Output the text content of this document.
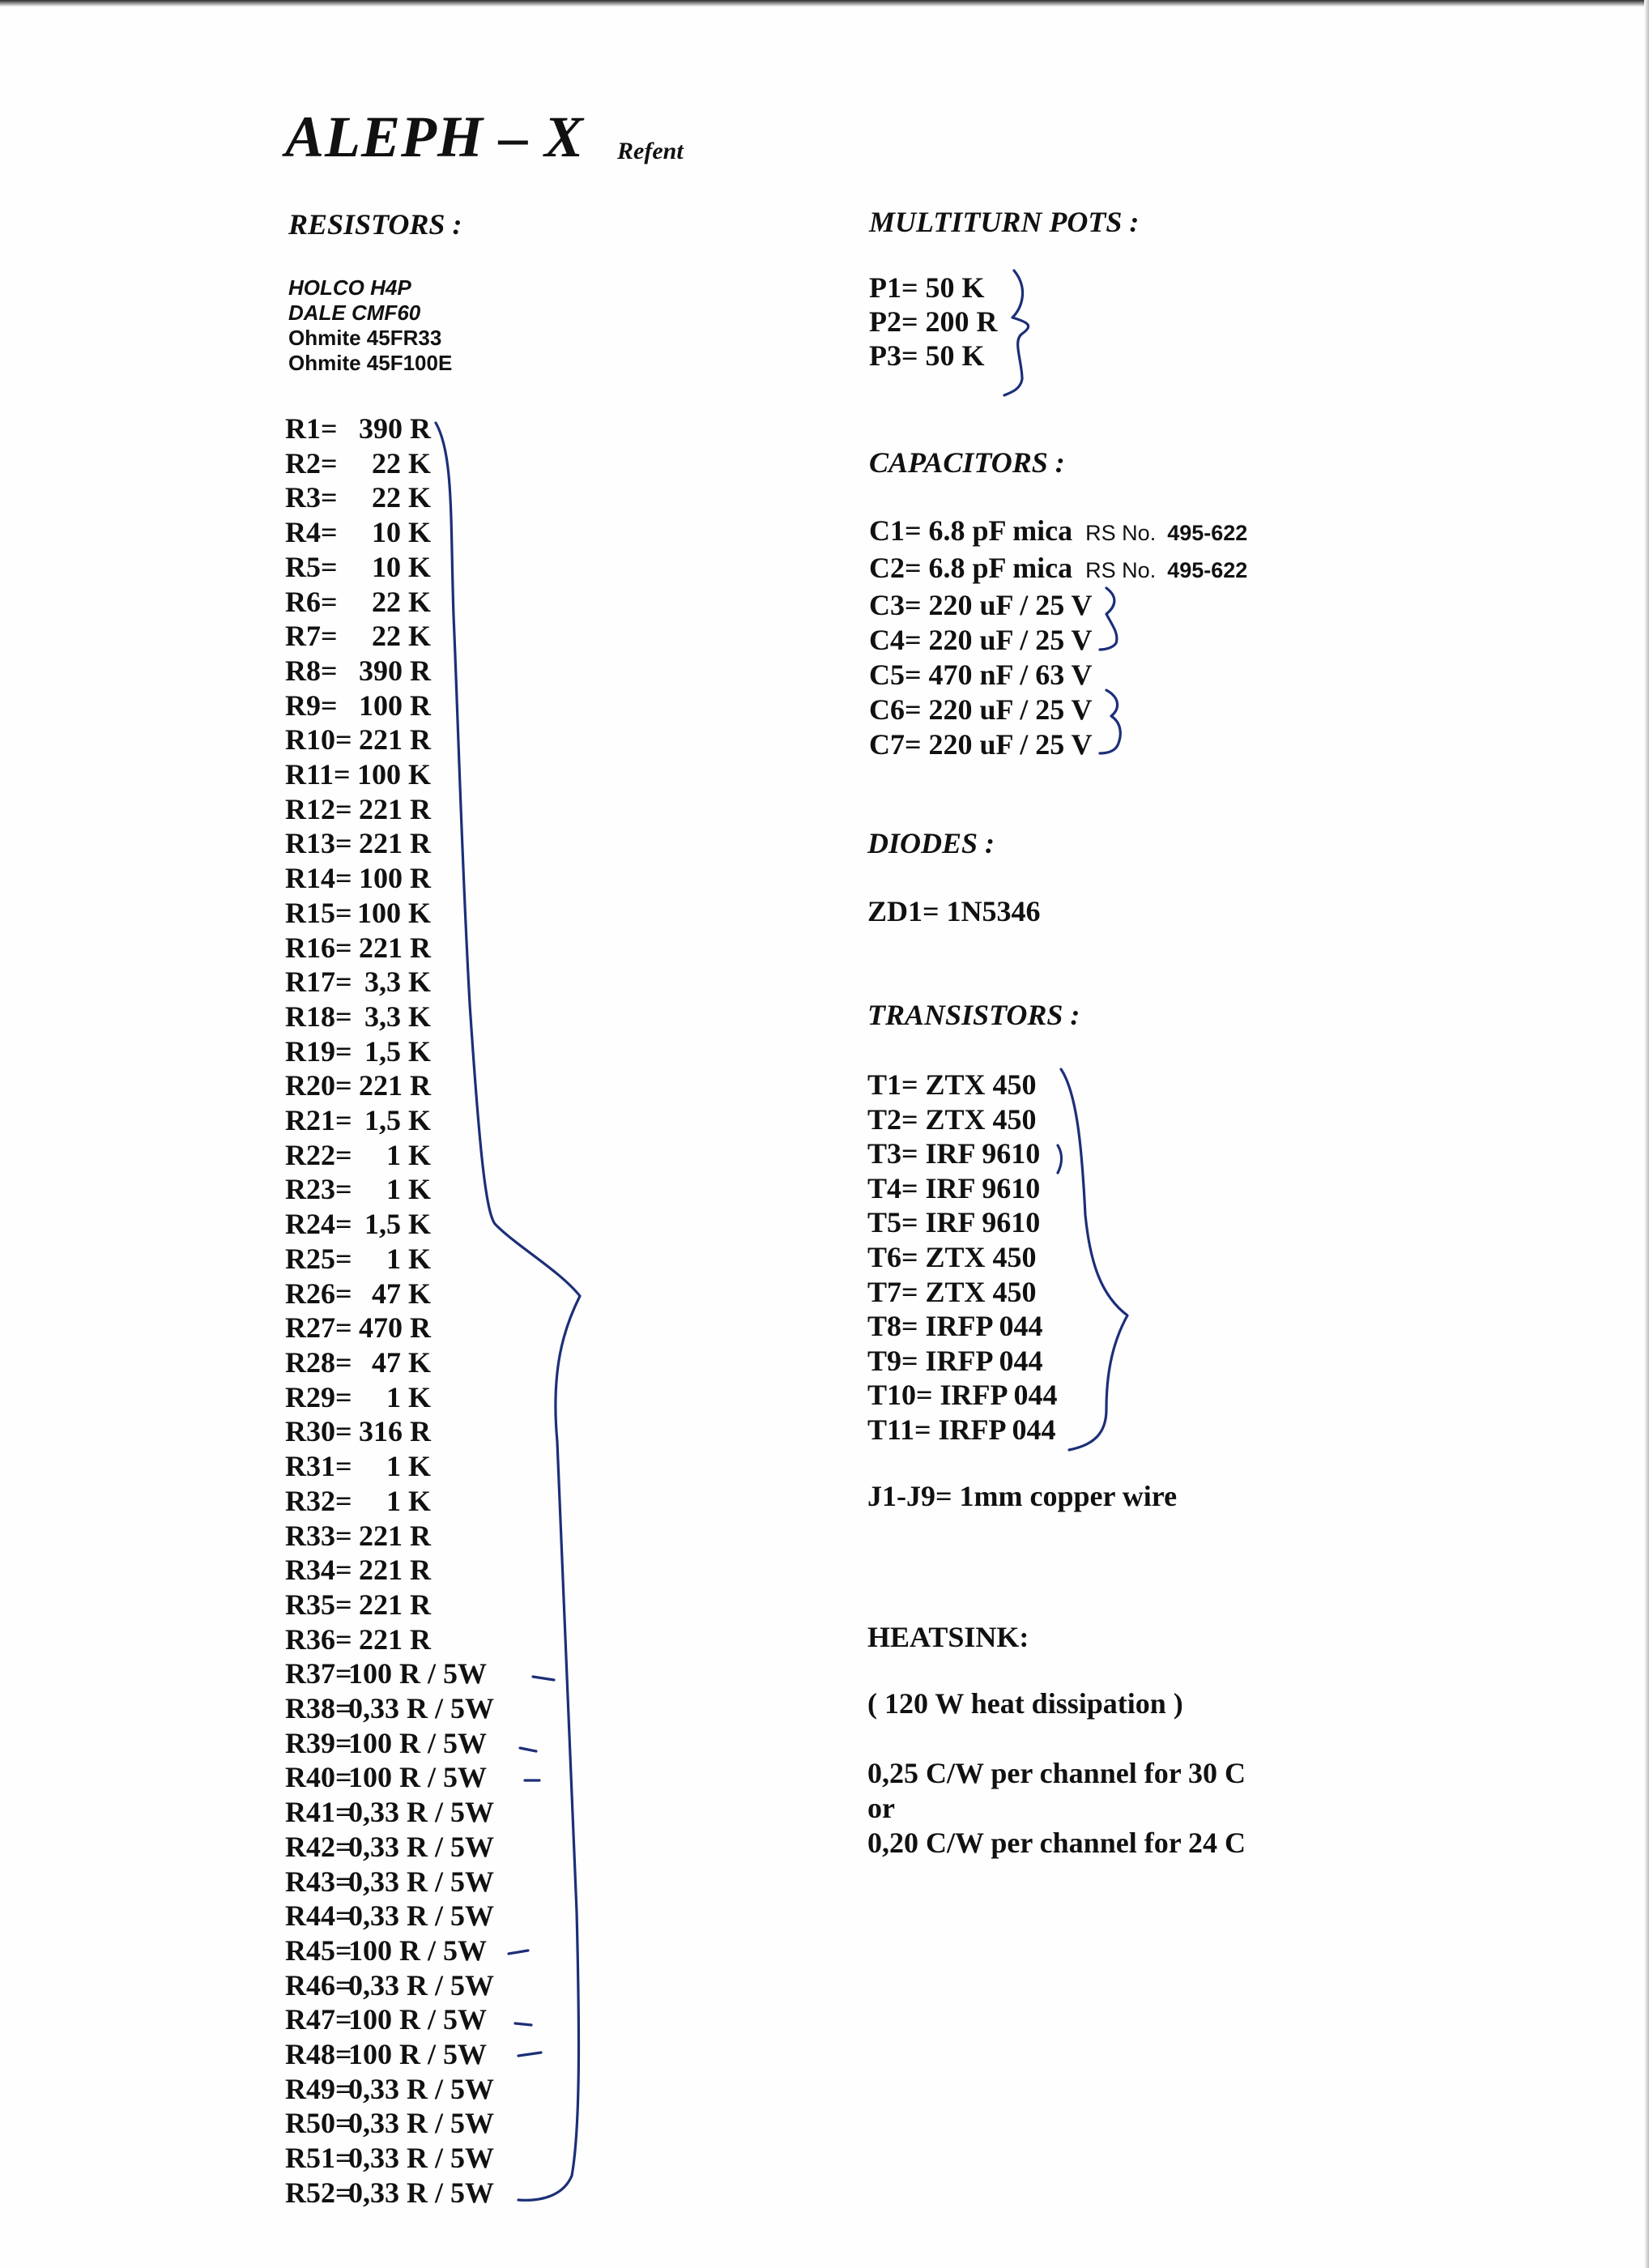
ALEPH – X Refent
RESISTORS :
HOLCO H4P
DALE CMF60
Ohmite 45FR33
Ohmite 45F100E
R1= 390 R
R2= 22 K
R3= 22 K
R4= 10 K
R5= 10 K
R6= 22 K
R7= 22 K
R8= 390 R
R9= 100 R
R10= 221 R
R11= 100 K
R12= 221 R
R13= 221 R
R14= 100 R
R15= 100 K
R16= 221 R
R17= 3,3 K
R18= 3,3 K
R19= 1,5 K
R20= 221 R
R21= 1,5 K
R22= 1 K
R23= 1 K
R24= 1,5 K
R25= 1 K
R26= 47 K
R27= 470 R
R28= 47 K
R29= 1 K
R30= 316 R
R31= 1 K
R32= 1 K
R33= 221 R
R34= 221 R
R35= 221 R
R36= 221 R
R37=100 R / 5W
R38=0,33 R / 5W
R39=100 R / 5W
R40=100 R / 5W
R41=0,33 R / 5W
R42=0,33 R / 5W
R43=0,33 R / 5W
R44=0,33 R / 5W
R45=100 R / 5W
R46=0,33 R / 5W
R47=100 R / 5W
R48=100 R / 5W
R49=0,33 R / 5W
R50=0,33 R / 5W
R51=0,33 R / 5W
R52=0,33 R / 5W
MULTITURN POTS :
P1= 50 K
P2= 200 R
P3= 50 K
CAPACITORS :
C1= 6.8 pF mica RS No. 495-622
C2= 6.8 pF mica RS No. 495-622
C3= 220 uF / 25 V
C4= 220 uF / 25 V
C5= 470 nF / 63 V
C6= 220 uF / 25 V
C7= 220 uF / 25 V
DIODES :
ZD1= 1N5346
TRANSISTORS :
T1= ZTX 450
T2= ZTX 450
T3= IRF 9610
T4= IRF 9610
T5= IRF 9610
T6= ZTX 450
T7= ZTX 450
T8= IRFP 044
T9= IRFP 044
T10= IRFP 044
T11= IRFP 044
J1-J9= 1mm copper wire
HEATSINK:
( 120 W heat dissipation )
0,25 C/W per channel for 30 C
or
0,20 C/W per channel for 24 C
